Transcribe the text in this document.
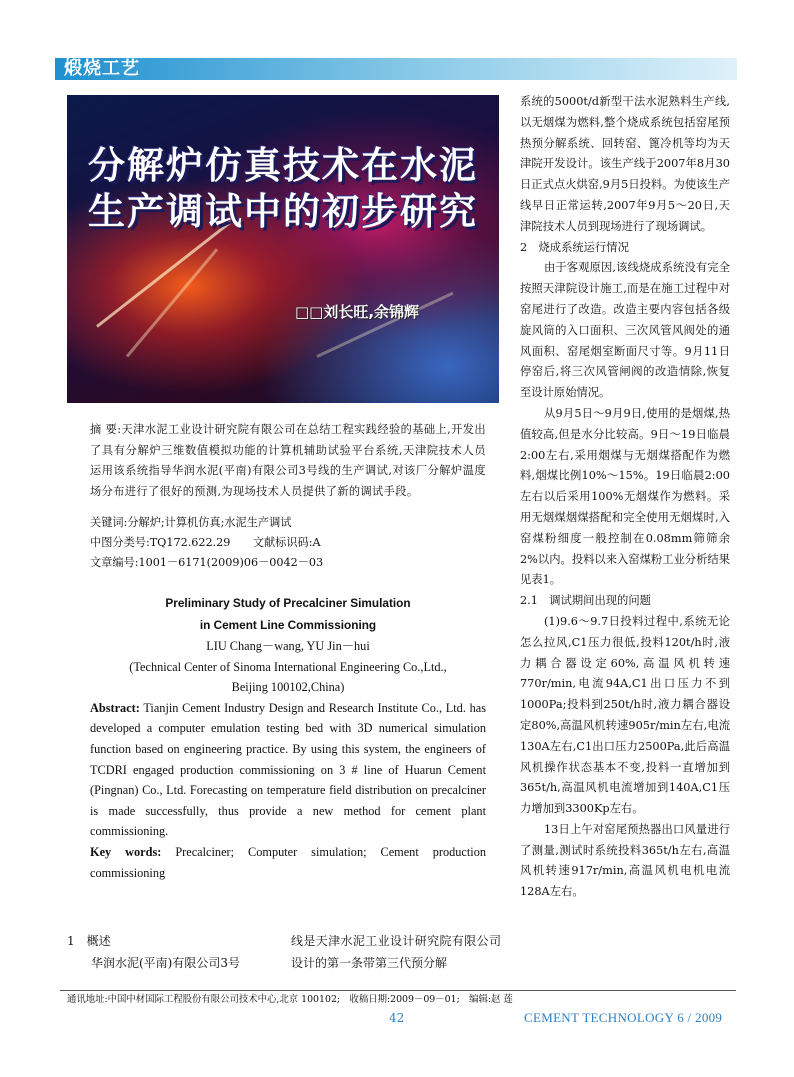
煅烧工艺
分解炉仿真技术在水泥
生产调试中的初步研究
□□刘长旺,余锦辉

摘 要:天津水泥工业设计研究院有限公司在总结工程实践经验的基础上,开发出了具有分解炉三维数值模拟功能的计算机辅助试验平台系统,天津院技术人员运用该系统指导华润水泥(平南)有限公司3号线的生产调试,对该厂分解炉温度场分布进行了很好的预测,为现场技术人员提供了新的调试手段。

关键词:分解炉;计算机仿真;水泥生产调试
中图分类号:TQ172.622.29　　文献标识码:A
文章编号:1001－6171(2009)06－0042－03
Preliminary Study of Precalciner Simulation
in Cement Line Commissioning
LIU Chang－wang, YU Jin－hui
(Technical Center of Sinoma International Engineering Co.,Ltd.,
Beijing 100102,China)

Abstract: Tianjin Cement Industry Design and Research Institute Co., Ltd. has developed a computer emulation testing bed with 3D numerical simulation function based on engineering practice. By using this system, the engineers of TCDRI engaged production commissioning on 3 # line of Huarun Cement (Pingnan) Co., Ltd. Forecasting on temperature field distribution on precalciner is made successfully, thus provide a new method for cement plant commissioning.

Key words: Precalciner; Computer simulation; Cement production commissioning

1　概述
华润水泥(平南)有限公司3号
线是天津水泥工业设计研究院有限公司设计的第一条带第三代预分解

系统的5000t/d新型干法水泥熟料生产线,以无烟煤为燃料,整个烧成系统包括窑尾预热预分解系统、回转窑、篦冷机等均为天津院开发设计。该生产线于2007年8月30日正式点火烘窑,9月5日投料。为使该生产线早日正常运转,2007年9月5～20日,天津院技术人员到现场进行了现场调试。

2　烧成系统运行情况

由于客观原因,该线烧成系统没有完全按照天津院设计施工,而是在施工过程中对窑尾进行了改造。改造主要内容包括各级旋风筒的入口面积、三次风管风阀处的通风面积、窑尾烟室断面尺寸等。9月11日停窑后,将三次风管闸阀的改造情除,恢复至设计原始情况。

从9月5日～9月9日,使用的是烟煤,热值较高,但是水分比较高。9日～19日临晨2:00左右,采用烟煤与无烟煤搭配作为燃料,烟煤比例10%～15%。19日临晨2:00左右以后采用100%无烟煤作为燃料。采用无烟煤烟煤搭配和完全使用无烟煤时,入窑煤粉细度一般控制在0.08mm筛筛余2%以内。投料以来入窑煤粉工业分析结果见表1。

2.1　调试期间出现的问题

(1)9.6～9.7日投料过程中,系统无论怎么拉风,C1压力很低,投料120t/h时,液力耦合器设定60%,高温风机转速770r/min,电流94A,C1出口压力不到1000Pa;投料到250t/h时,液力耦合器设定80%,高温风机转速905r/min左右,电流130A左右,C1出口压力2500Pa,此后高温风机操作状态基本不变,投料一直增加到365t/h,高温风机电流增加到140A,C1压力增加到3300Kp左右。

13日上午对窑尾预热器出口风量进行了测量,测试时系统投料365t/h左右,高温风机转速917r/min,高温风机电机电流128A左右。

通讯地址:中国中材国际工程股份有限公司技术中心,北京 100102;　收稿日期:2009－09－01;　编辑:赵 莲
42	CEMENT TECHNOLOGY 6 / 2009
